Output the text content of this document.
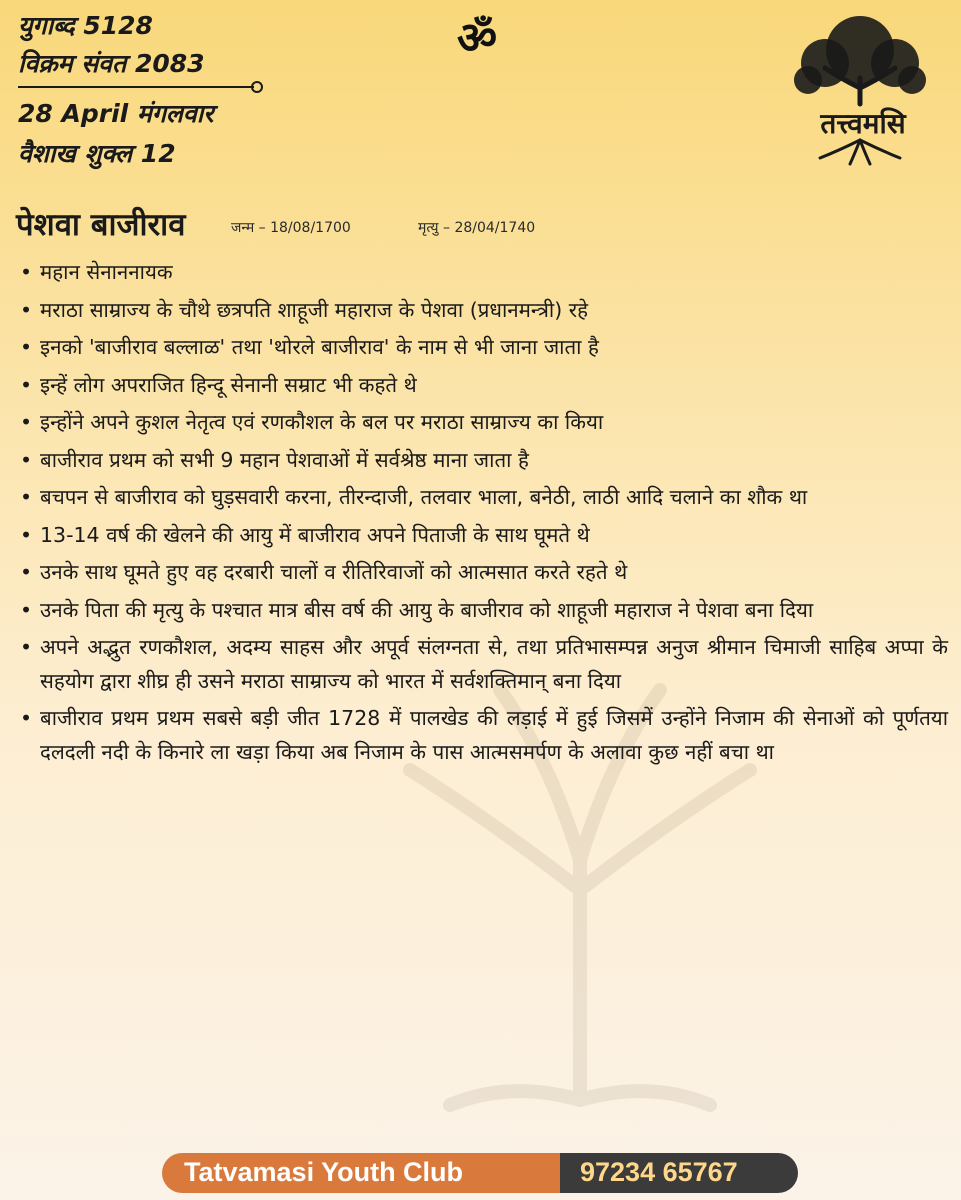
युगाब्द 5128
विक्रम संवत 2083
28 April मंगलवार
वैशाख शुक्ल 12
ॐ
तत्त्वमसि
पेशवा बाजीराव	जन्म – 18/08/1700	मृत्यु – 28/04/1740
• महान सेनाननायक
• मराठा साम्राज्य के चौथे छत्रपति शाहूजी महाराज के पेशवा (प्रधानमन्त्री) रहे
• इनको 'बाजीराव बल्लाळ' तथा 'थोरले बाजीराव' के नाम से भी जाना जाता है
• इन्हें लोग अपराजित हिन्दू सेनानी सम्राट भी कहते थे
• इन्होंने अपने कुशल नेतृत्व एवं रणकौशल के बल पर मराठा साम्राज्य का किया
• बाजीराव प्रथम को सभी 9 महान पेशवाओं में सर्वश्रेष्ठ माना जाता है
• बचपन से बाजीराव को घुड़सवारी करना, तीरन्दाजी, तलवार भाला, बनेठी, लाठी आदि चलाने का शौक था
• 13-14 वर्ष की खेलने की आयु में बाजीराव अपने पिताजी के साथ घूमते थे
• उनके साथ घूमते हुए वह दरबारी चालों व रीतिरिवाजों को आत्मसात करते रहते थे
• उनके पिता की मृत्यु के पश्चात मात्र बीस वर्ष की आयु के बाजीराव को शाहूजी महाराज ने पेशवा बना दिया
• अपने अद्भुत रणकौशल, अदम्य साहस और अपूर्व संलग्नता से, तथा प्रतिभासम्पन्न अनुज श्रीमान चिमाजी साहिब अप्पा के सहयोग द्वारा शीघ्र ही उसने मराठा साम्राज्य को भारत में सर्वशक्तिमान् बना दिया
• बाजीराव प्रथम प्रथम सबसे बड़ी जीत 1728 में पालखेड की लड़ाई में हुई जिसमें उन्होंने निजाम की सेनाओं को पूर्णतया दलदली नदी के किनारे ला खड़ा किया अब निजाम के पास आत्मसमर्पण के अलावा कुछ नहीं बचा था
Tatvamasi Youth Club	97234 65767
